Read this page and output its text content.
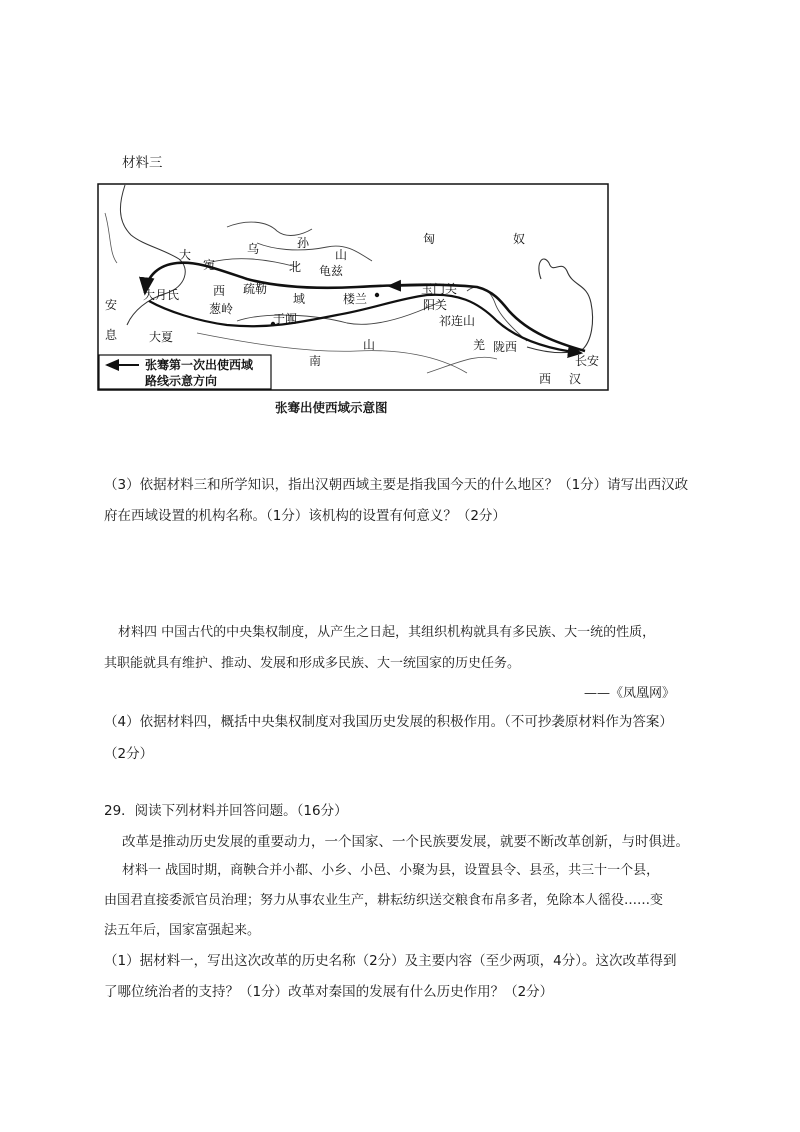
材料三
大
宛
乌	孙
山
匈	奴
北 龟兹
大月氏	西 疏勒
域	楼兰
玉门关
阳关
安
息	大夏
葱岭
于阗	祁连山
南
山	羌 陇西
长安
西 汉
张骞第一次出使西域
路线示意方向
张骞出使西域示意图
（3）依据材料三和所学知识，指出汉朝西域主要是指我国今天的什么地区？（1分）请写出西汉政
府在西域设置的机构名称。（1分）该机构的设置有何意义？（2分）
材料四 中国古代的中央集权制度，从产生之日起，其组织机构就具有多民族、大一统的性质，
其职能就具有维护、推动、发展和形成多民族、大一统国家的历史任务。
——《凤凰网》
（4）依据材料四，概括中央集权制度对我国历史发展的积极作用。（不可抄袭原材料作为答案）
（2分）
29．阅读下列材料并回答问题。（16分）
改革是推动历史发展的重要动力，一个国家、一个民族要发展，就要不断改革创新，与时俱进。
材料一 战国时期，商鞅合并小都、小乡、小邑、小聚为县，设置县令、县丞，共三十一个县，
由国君直接委派官员治理；努力从事农业生产，耕耘纺织送交粮食布帛多者，免除本人徭役……变
法五年后，国家富强起来。
（1）据材料一，写出这次改革的历史名称（2分）及主要内容（至少两项，4分）。这次改革得到
了哪位统治者的支持？（1分）改革对秦国的发展有什么历史作用？（2分）
